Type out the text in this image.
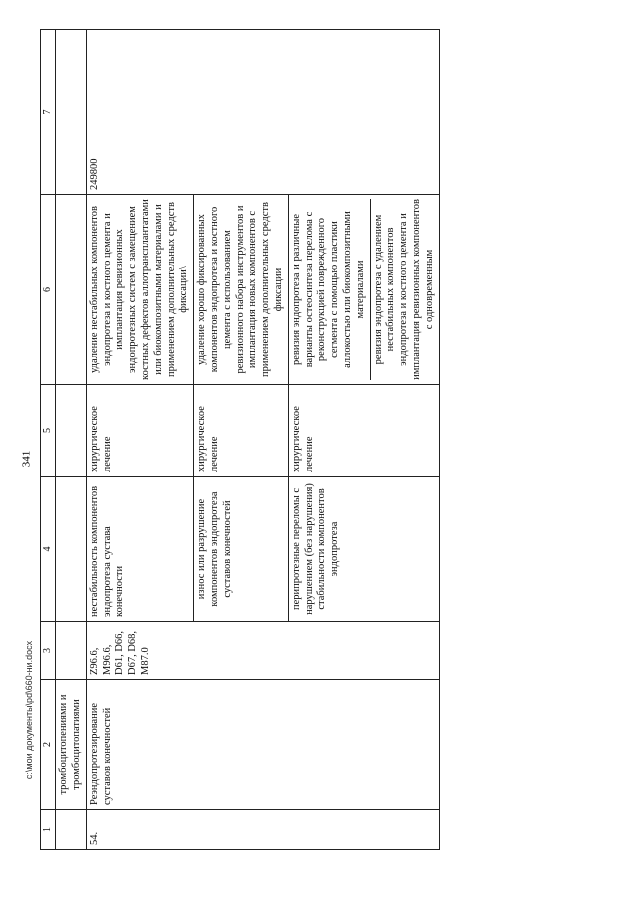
341
c:\мои документы\pd\660-ни.docx
1	2	3	4	5	6	7
	тромбоцитопениями и тромбоцитопатиями					
54.	Реэндопротезирование суставов конечностей	Z96.6, M96.6, D61, D66, D67, D68, M87.0	нестабильность компонентов эндопротеза сустава конечности	хирургическое лечение	удаление нестабильных компонентов эндопротеза и костного цемента и имплантация ревизионных эндопротезных систем с замещением костных дефектов аллотрансплантатами или биокомпозитными материалами и применением дополнительных средств фиксации\	249800
			износ или разрушение компонентов эндопротеза суставов конечностей	хирургическое лечение	удаление хорошо фиксированных компонентов эндопротеза и костного цемента с использованием ревизионного набора инструментов и имплантация новых компонентов с применением дополнительных средств фиксации	
			перипротезные переломы с нарушением (без нарушения) стабильности компонентов эндопротеза	хирургическое лечение	ревизия эндопротеза и различные варианты остеосинтеза перелома с реконструкцией поврежденного сегмента с помощью пластики аллокостью или биокомпозитными материалами ревизия эндопротеза с удалением нестабильных компонентов эндопротеза и костного цемента и имплантация ревизионных компонентов с одновременным	
